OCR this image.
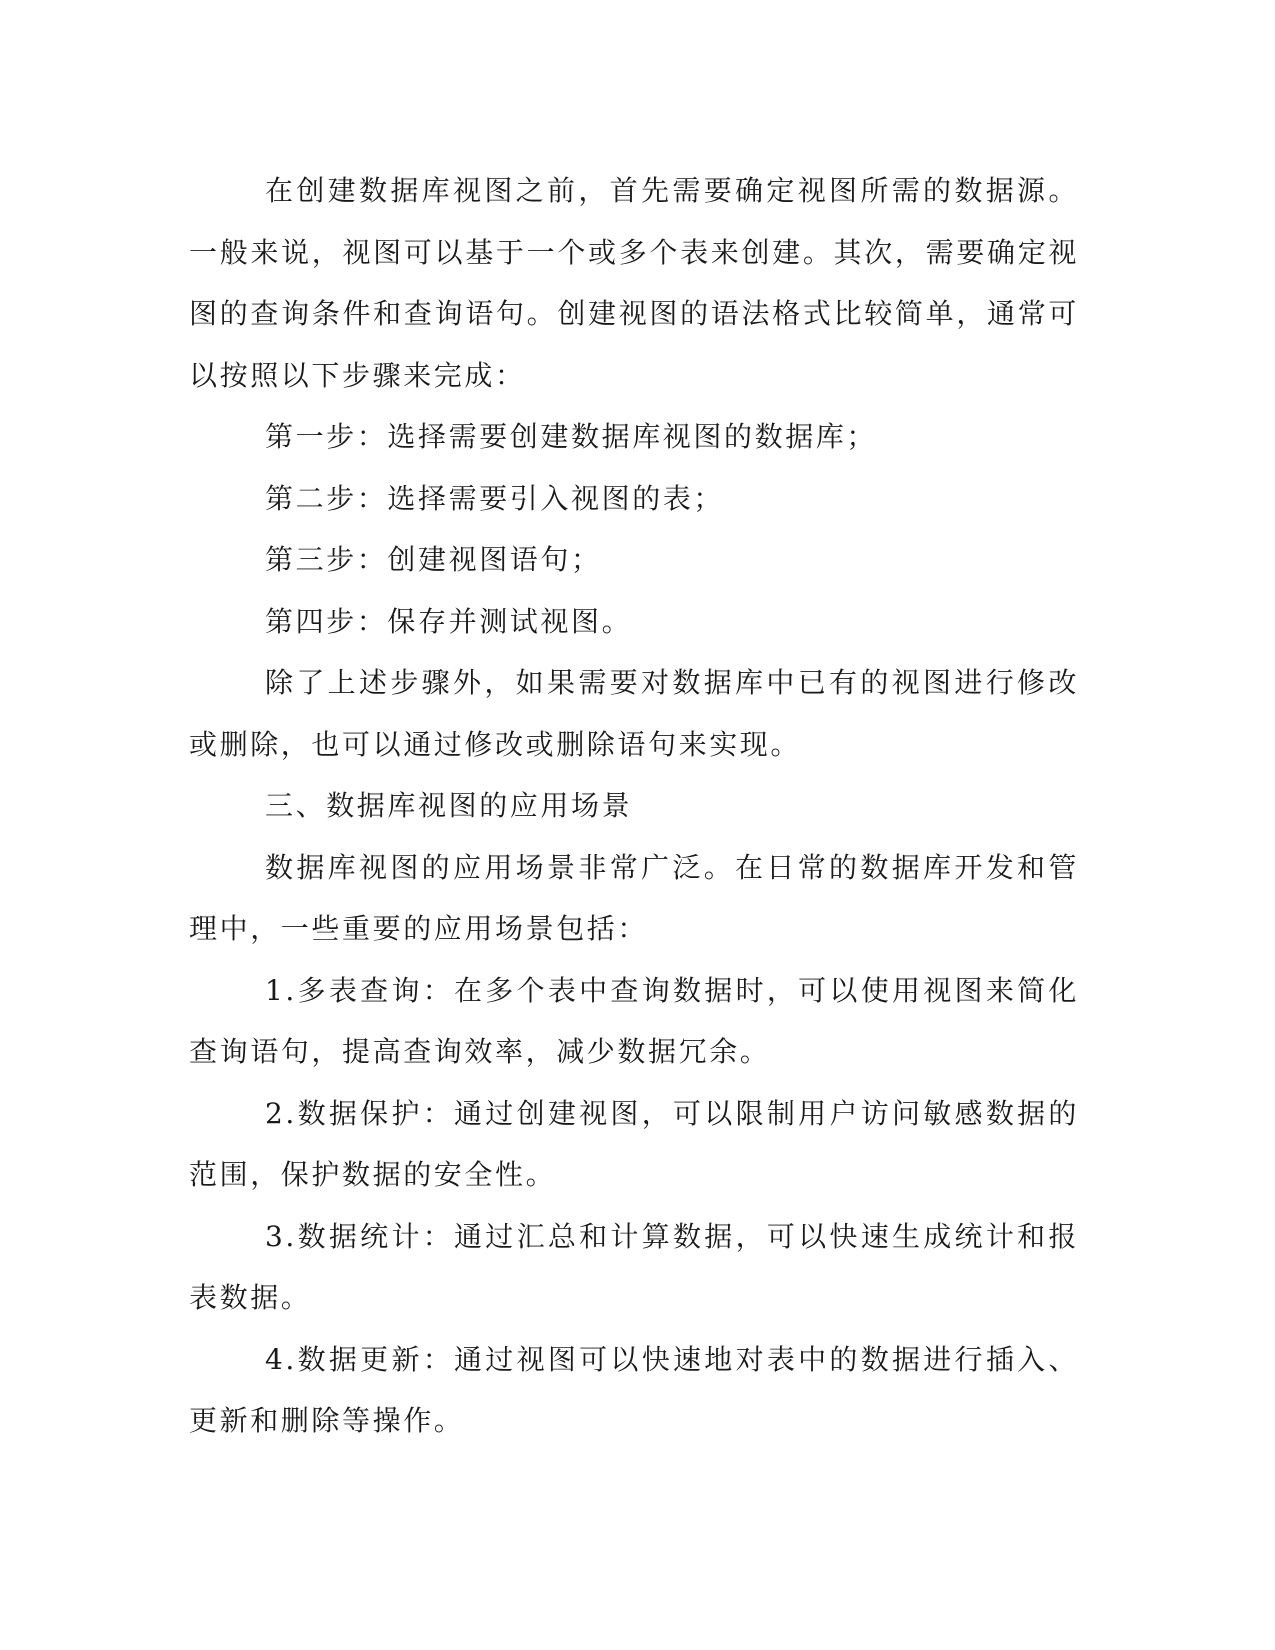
在创建数据库视图之前，首先需要确定视图所需的数据源。一般来说，视图可以基于一个或多个表来创建。其次，需要确定视图的查询条件和查询语句。创建视图的语法格式比较简单，通常可以按照以下步骤来完成：

第一步：选择需要创建数据库视图的数据库；

第二步：选择需要引入视图的表；

第三步：创建视图语句；

第四步：保存并测试视图。

除了上述步骤外，如果需要对数据库中已有的视图进行修改或删除，也可以通过修改或删除语句来实现。

三、数据库视图的应用场景

数据库视图的应用场景非常广泛。在日常的数据库开发和管理中，一些重要的应用场景包括：

1.多表查询：在多个表中查询数据时，可以使用视图来简化查询语句，提高查询效率，减少数据冗余。

2.数据保护：通过创建视图，可以限制用户访问敏感数据的范围，保护数据的安全性。

3.数据统计：通过汇总和计算数据，可以快速生成统计和报表数据。

4.数据更新：通过视图可以快速地对表中的数据进行插入、更新和删除等操作。
